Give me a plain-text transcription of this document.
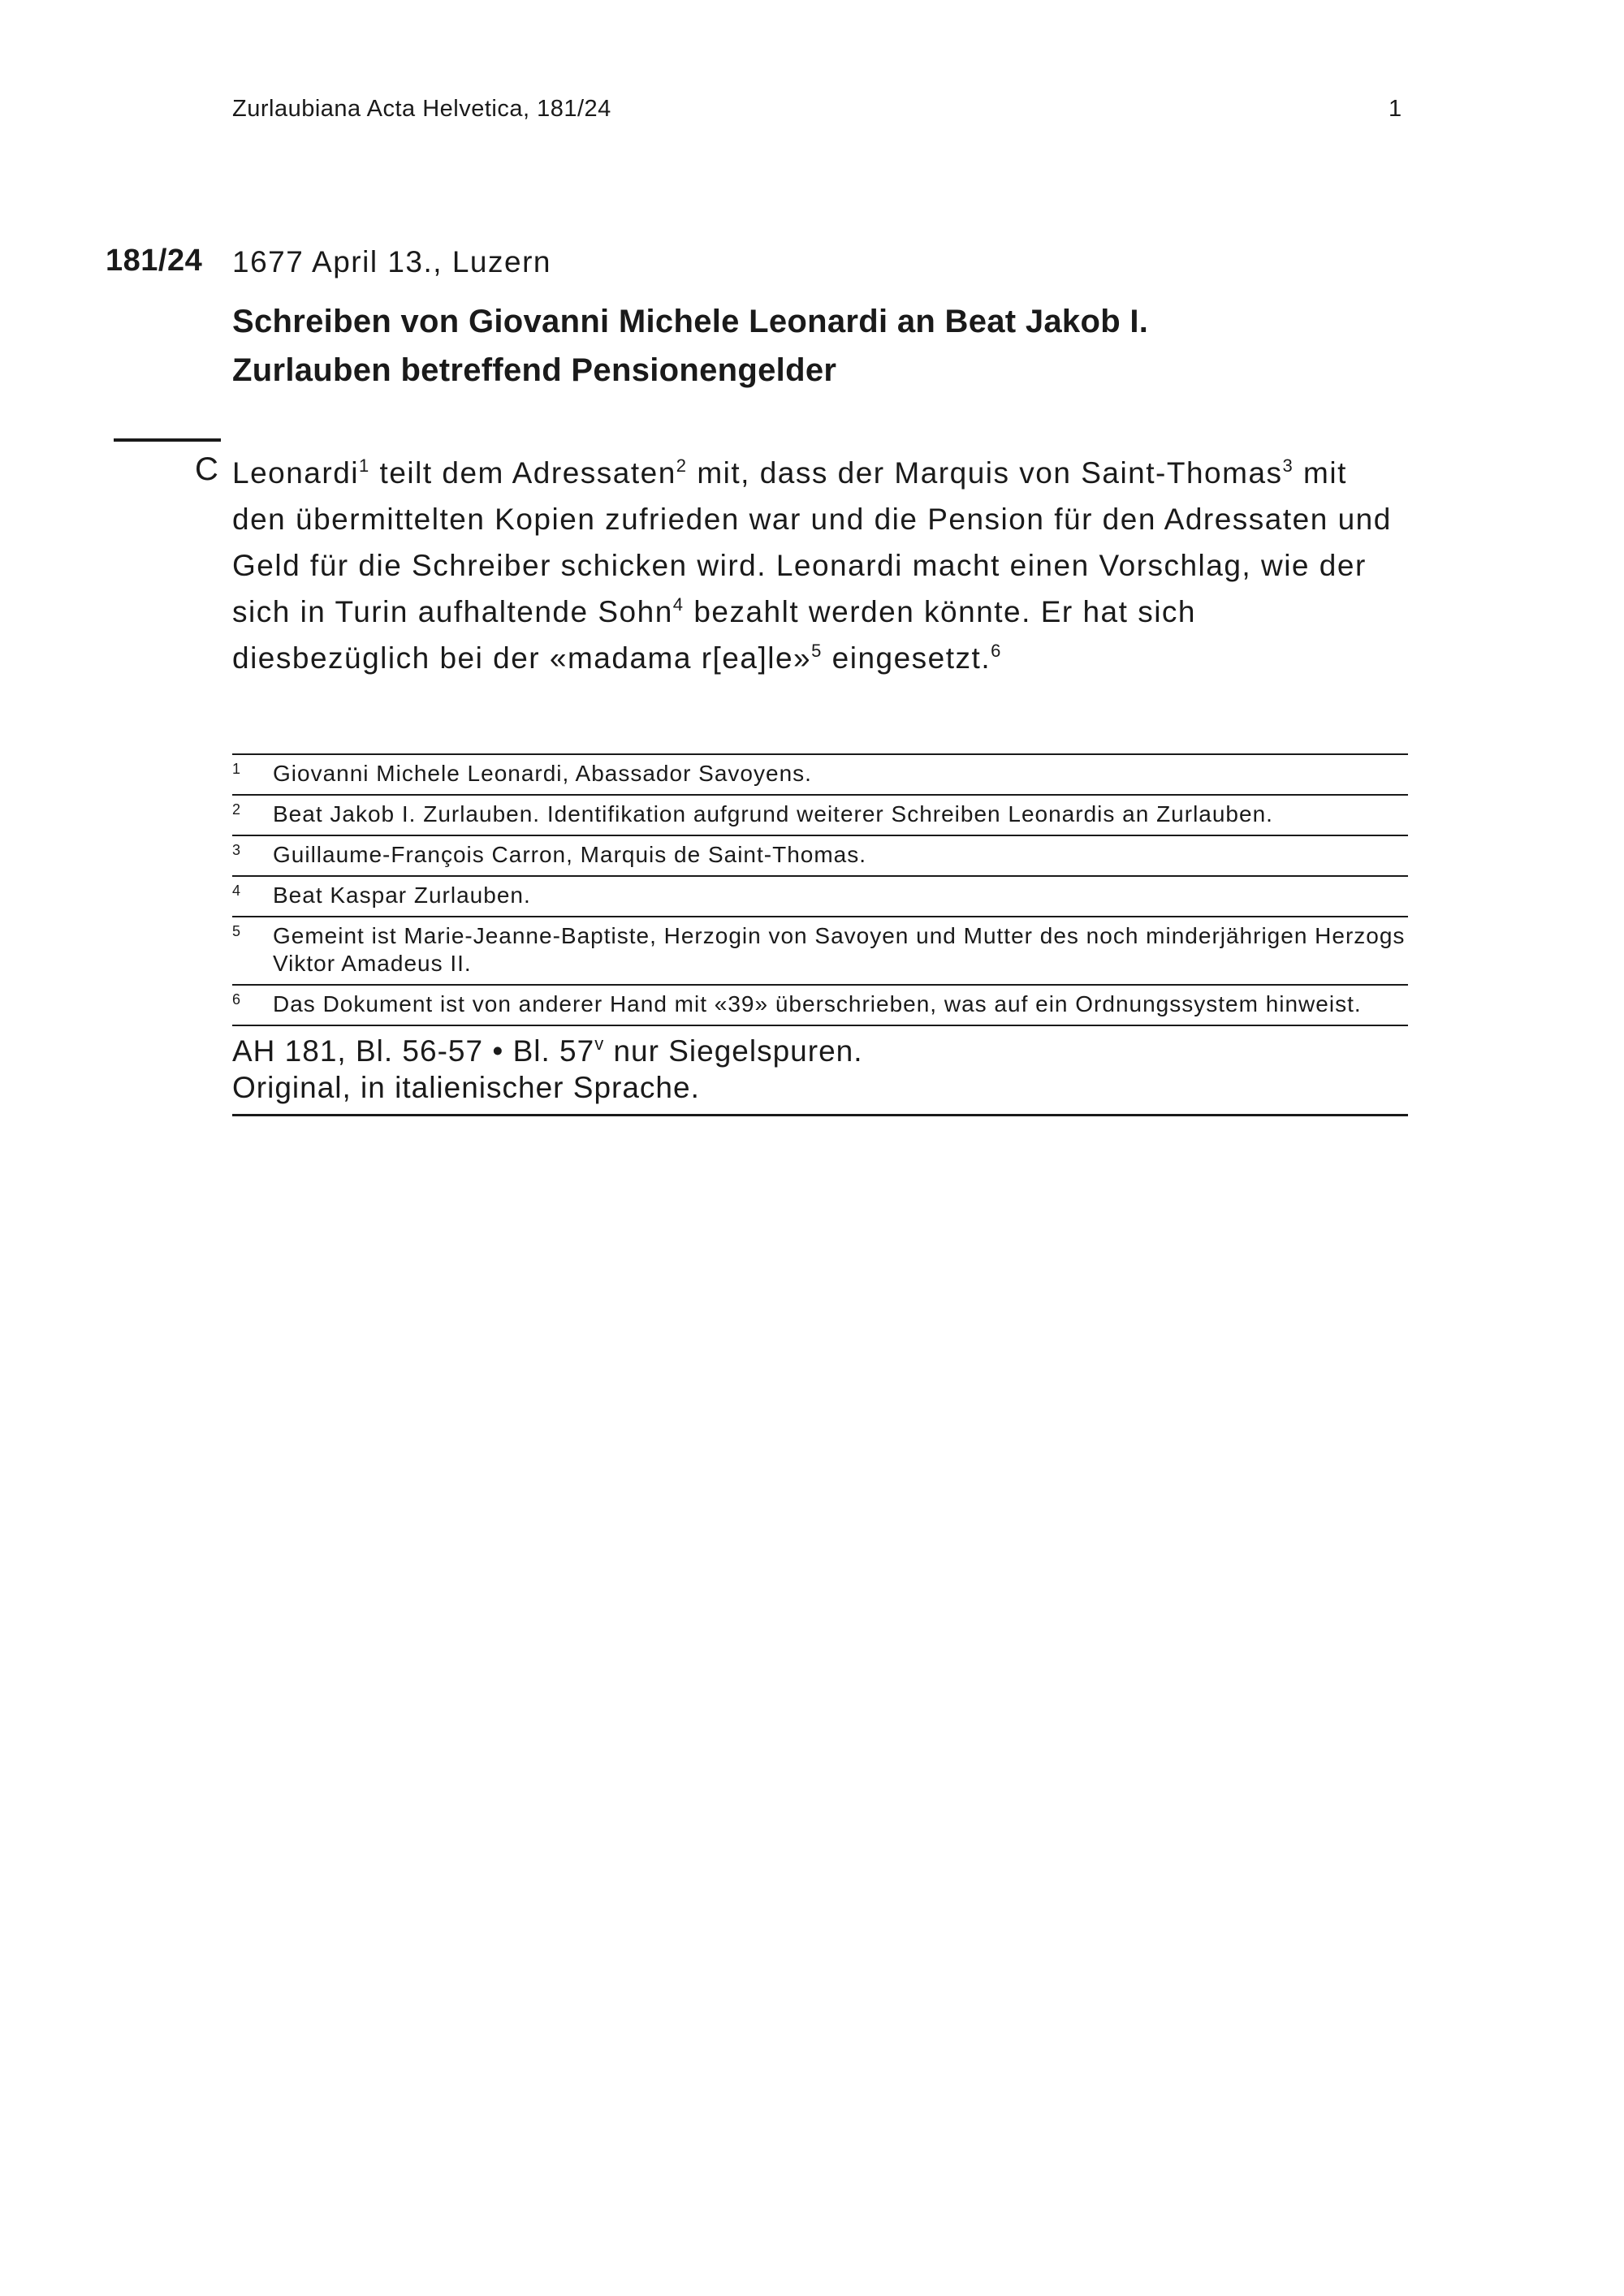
Zurlaubiana Acta Helvetica, 181/24	1
181/24 1677 April 13., Luzern
Schreiben von Giovanni Michele Leonardi an Beat Jakob I.
Zurlauben betreffend Pensionengelder
C Leonardi$^1$ teilt dem Adressaten$^2$ mit, dass der Marquis von Saint-Thomas$^3$ mit den übermittelten Kopien zufrieden war und die Pension für den Adressaten und Geld für die Schreiber schicken wird. Leonardi macht einen Vorschlag, wie der sich in Turin aufhaltende Sohn$^4$ bezahlt werden könnte. Er hat sich diesbezüglich bei der «madama r[ea]le»$^5$ eingesetzt.$^6$

1	Giovanni Michele Leonardi, Abassador Savoyens.
2	Beat Jakob I. Zurlauben. Identifikation aufgrund weiterer Schreiben Leonardis an Zurlauben.
3	Guillaume-François Carron, Marquis de Saint-Thomas.
4	Beat Kaspar Zurlauben.
5	Gemeint ist Marie-Jeanne-Baptiste, Herzogin von Savoyen und Mutter des noch minderjährigen Herzogs Viktor Amadeus II.
6	Das Dokument ist von anderer Hand mit «39» überschrieben, was auf ein Ordnungssystem hinweist.
AH 181, Bl. 56-57 • Bl. 57$^v$ nur Siegelspuren.
Original, in italienischer Sprache.
